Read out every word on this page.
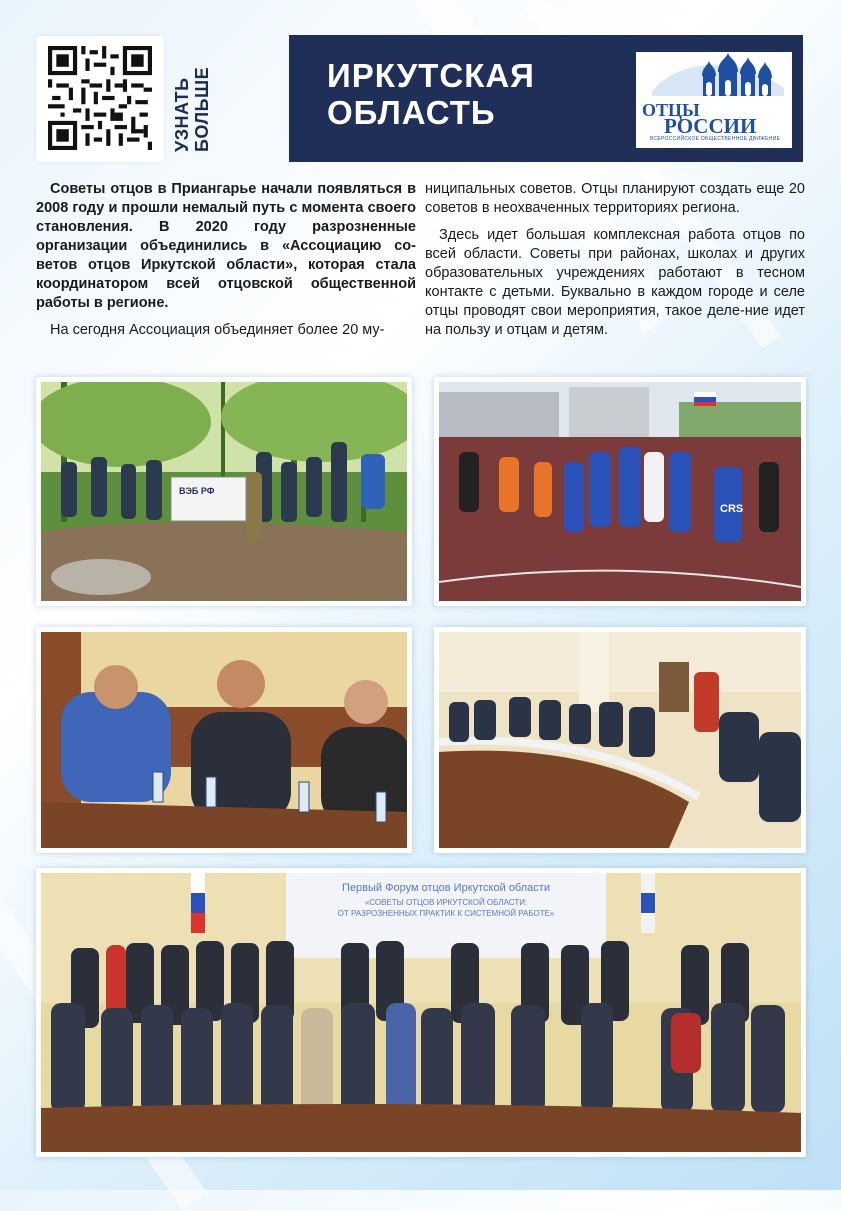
УЗНАТЬ БОЛЬШЕ	ИРКУТСКАЯ
ОБЛАСТЬ	ОТЦЫ
РОССИИ
ВСЕРОССИЙСКОЕ ОБЩЕСТВЕННОЕ ДВИЖЕНИЕ

Советы отцов в Приангарье начали появляться в 2008 году и прошли немалый путь с момента своего становления. В 2020 году разрозненные организации объединились в «Ассоциацию со-ветов отцов Иркутской области», которая стала координатором всей отцовской общественной работы в регионе.

На сегодня Ассоциация объединяет более 20 му-

ниципальных советов. Отцы планируют создать еще 20 советов в неохваченных территориях региона.

Здесь идет большая комплексная работа отцов по всей области. Советы при районах, школах и других образовательных учреждениях работают в тесном контакте с детьми. Буквально в каждом городе и селе отцы проводят свои мероприятия, такое деле-ние идет на пользу и отцам и детям.

ВЭБ РФ
CRS
Первый Форум отцов Иркутской области
«СОВЕТЫ ОТЦОВ ИРКУТСКОЙ ОБЛАСТИ:
ОТ РАЗРОЗНЕННЫХ ПРАКТИК К СИСТЕМНОЙ РАБОТЕ»
